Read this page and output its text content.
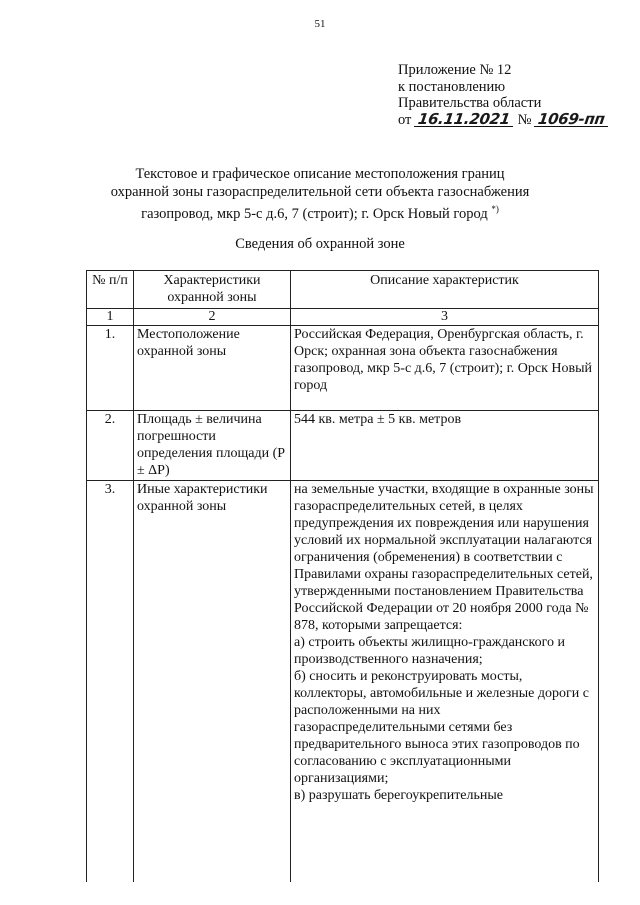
51
Приложение № 12
к постановлению
Правительства области
от 16.11.2021 № 1069-пп
Текстовое и графическое описание местоположения границ
охранной зоны газораспределительной сети объекта газоснабжения
газопровод, мкр 5-с д.6, 7 (строит); г. Орск Новый город *)
Сведения об охранной зоне
№ п/п	Характеристики охранной зоны	Описание характеристик
1	2	3
1.	Местоположение охранной зоны	Российская Федерация, Оренбургская область, г. Орск; охранная зона объекта газоснабжения газопровод, мкр 5-с д.6, 7 (строит); г. Орск Новый город
2.	Площадь ± величина погрешности определения площади (P ± ΔP)	544 кв. метра ± 5 кв. метров
3.	Иные характеристики охранной зоны	на земельные участки, входящие в охранные зоны газораспределительных сетей, в целях предупреждения их повреждения или нарушения условий их нормальной эксплуатации налагаются ограничения (обременения) в соответствии с Правилами охраны газораспределительных сетей, утвержденными постановлением Правительства Российской Федерации от 20 ноября 2000 года № 878, которыми запрещается:
а) строить объекты жилищно-гражданского и производственного назначения;
б) сносить и реконструировать мосты, коллекторы, автомобильные и железные дороги с расположенными на них газораспределительными сетями без предварительного выноса этих газопроводов по согласованию с эксплуатационными организациями;
в) разрушать берегоукрепительные
